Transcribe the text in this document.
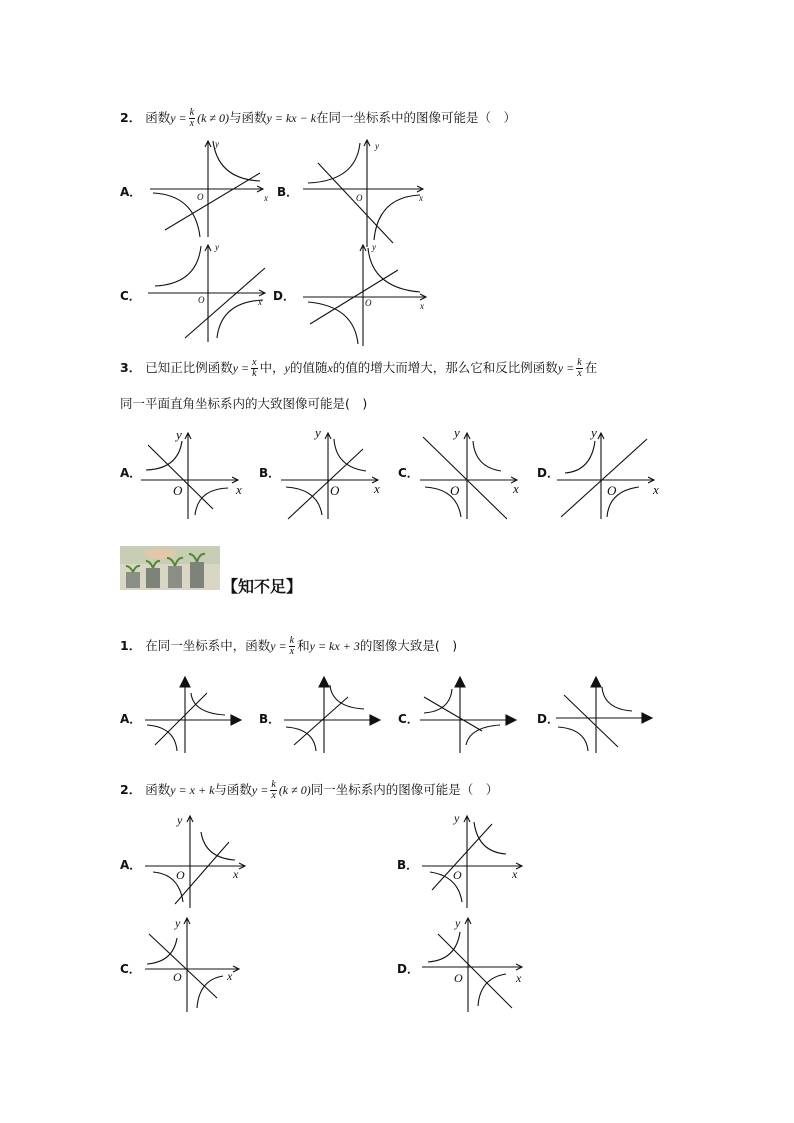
2． 函数$y = \frac{k}{x} (k \ne 0)$与函数y = kx − k在同一坐标系中的图像可能是（　）
A．	B．
C．	D．
y
O	x
y
O	x
y
O	x
y
O	x
3． 已知正比例函数$y = \frac{x}{k}$ 中，y的值随x的值的增大而增大，那么它和反比例函数$y = \frac{k}{x}$ 在
同一平面直角坐标系内的大致图像可能是(　)
A．	B．	C．	D．
y
O	x
y
O	x
y
O	x
y
O	x
【知不足】
1． 在同一坐标系中，函数$y = \frac{k}{x}$ 和y = kx + 3的图像大致是(　)
A．	B．	C．	D．
2． 函数y = x + k与函数$y = \frac{k}{x} (k \ne 0)$同一坐标系内的图像可能是（　）
A．	B．
C．	D．
y
O	x
y
O	x
y
O	x
y
O	x
